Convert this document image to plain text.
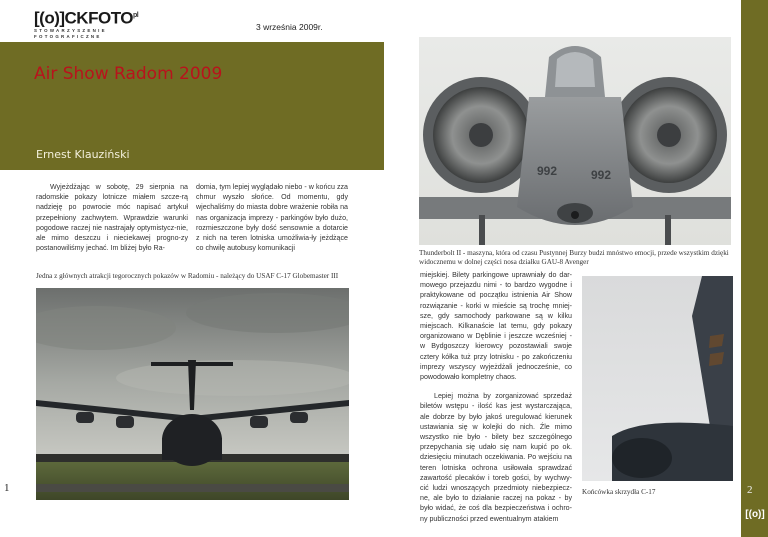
$[(o)]CKFOTO^{pl}$
STOWARZYSZENIE FOTOGRAFICZNE
3 września 2009r.
Air Show Radom 2009
Ernest Klauziński

Wyjeżdżając w sobotę, 29 sierpnia na radomskie pokazy lotnicze miałem szcze-rą nadzieję po powrocie móc napisać artykuł przepełniony zachwytem. Wprawdzie warunki pogodowe raczej nie nastrajały optymistycz-nie, ale mimo deszczu i nieciekawej progno-zy postanowiliśmy jechać. Im bliżej było Ra-

domia, tym lepiej wyglądało niebo - w końcu zza chmur wyszło słońce. Od momentu, gdy wjechaliśmy do miasta dobre wrażenie robiła na nas organizacja imprezy - parkingów było dużo, rozmieszczone były dość sensownie a dotarcie z nich na teren lotniska umożliwia-ły jeżdżące co chwilę autobusy komunikacji

Jedna z głównych atrakcji tegorocznych pokazów w Radomiu - należący do USAF C-17 Globemaster III
1
992	992
Thunderbolt II - maszyna, która od czasu Pustynnej Burzy budzi mnóstwo emocji, przede wszystkim dzięki widocznemu w dolnej części nosa działku GAU-8 Avenger

miejskiej. Bilety parkingowe uprawniały do dar-mowego przejazdu nimi - to bardzo wygodne i praktykowane od początku istnienia Air Show rozwiązanie - korki w mieście są trochę mniej-sze, gdy samochody parkowane są w kilku miejscach. Kilkanaście lat temu, gdy pokazy organizowano w Dęblinie i jeszcze wcześniej - w Bydgoszczy kierowcy pozostawiali swoje cztery kółka tuż przy lotnisku - po zakończeniu imprezy wszyscy wyjeżdżali jednocześnie, co powodowało kompletny chaos.

Lepiej można by zorganizować sprzedaż biletów wstępu - ilość kas jest wystarczająca, ale dobrze by było jakoś uregulować kierunek ustawiania się w kolejki do nich. Źle mimo wszystko nie było - bilety bez szczególnego przepychania się udało się nam kupić po ok. dziesięciu minutach oczekiwania. Po wejściu na teren lotniska ochrona usiłowała sprawdzać zawartość plecaków i toreb gości, by wychwy-cić ludzi wnoszących przedmioty niebezpiecz-ne, ale było to działanie raczej na pokaz - by było widać, że coś dla bezpieczeństwa i ochro-ny publiczności przed ewentualnym atakiem

Końcówka skrzydła C-17	2
[(o)]
